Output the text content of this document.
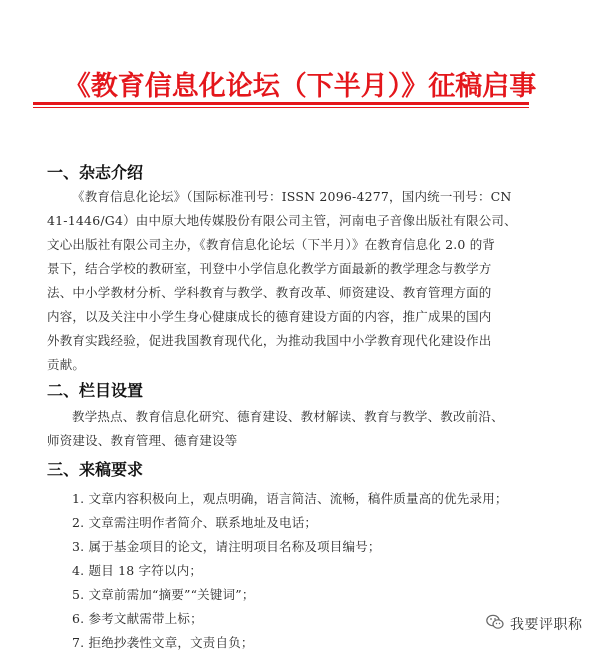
《教育信息化论坛（下半月）》征稿启事
一、杂志介绍
《教育信息化论坛》（国际标准刊号：ISSN 2096-4277，国内统一刊号：CN
41-1446/G4）由中原大地传媒股份有限公司主管，河南电子音像出版社有限公司、
文心出版社有限公司主办，《教育信息化论坛（下半月）》在教育信息化 2.0 的背
景下，结合学校的教研室，刊登中小学信息化教学方面最新的教学理念与教学方
法、中小学教材分析、学科教育与教学、教育改革、师资建设、教育管理方面的
内容，以及关注中小学生身心健康成长的德育建设方面的内容，推广成果的国内
外教育实践经验，促进我国教育现代化，为推动我国中小学教育现代化建设作出
贡献。
二、栏目设置
教学热点、教育信息化研究、德育建设、教材解读、教育与教学、教改前沿、
师资建设、教育管理、德育建设等
三、来稿要求
1. 文章内容积极向上，观点明确，语言简洁、流畅，稿件质量高的优先录用；
2. 文章需注明作者简介、联系地址及电话；
3. 属于基金项目的论文，请注明项目名称及项目编号；
4. 题目 18 字符以内；
5. 文章前需加“摘要”“关键词”；
6. 参考文献需带上标；
7. 拒绝抄袭性文章，文责自负；
我要评职称
